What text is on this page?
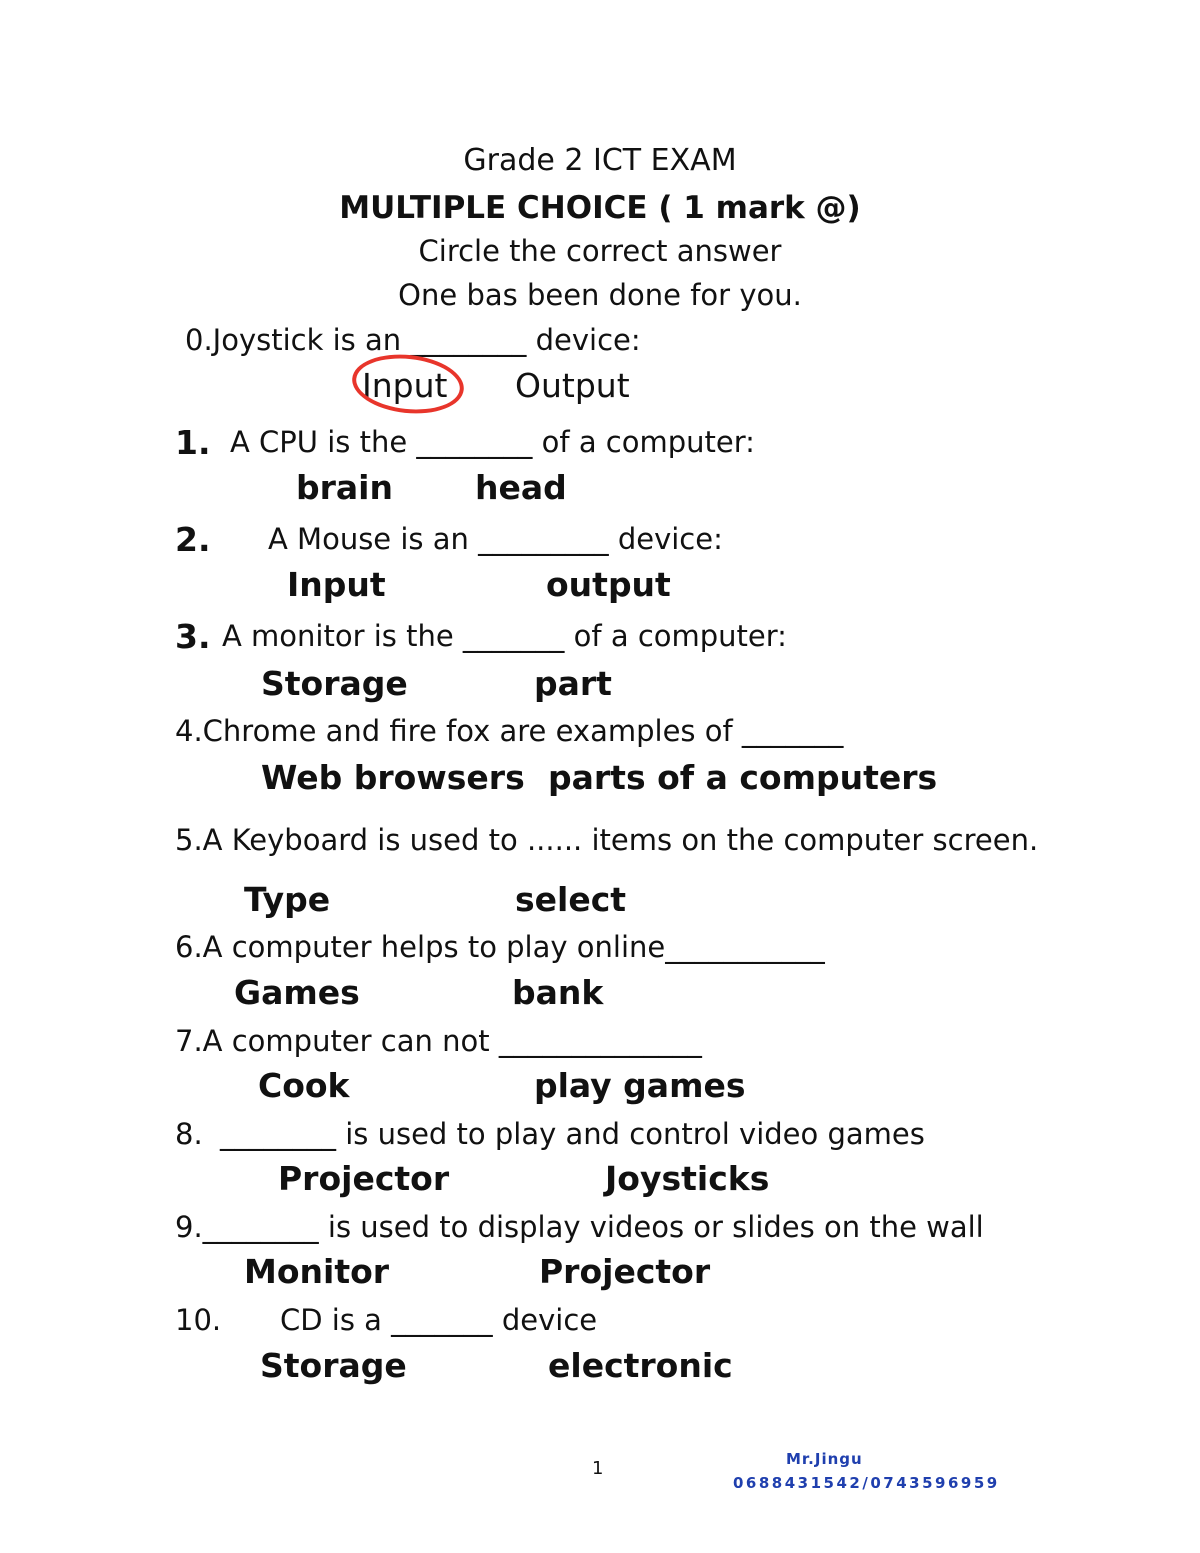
Grade 2 ICT EXAM
MULTIPLE CHOICE ( 1 mark @)
Circle the correct answer
One bas been done for you.
0.Joystick is an ________ device:
Input Output
1. A CPU is the ________ of a computer:
brain head
2. A Mouse is an _________ device:
Input	output
3. A monitor is the _______ of a computer:
Storage	part
4.Chrome and fire fox are examples of _______
Web browsers parts of a computers
5.A Keyboard is used to ...... items on the computer screen.
Type	select
6.A computer helps to play online___________
Games	bank
7.A computer can not ______________
Cook	play games
8. ________ is used to play and control video games
Projector	Joysticks
9.________ is used to display videos or slides on the wall
Monitor	Projector
10. CD is a _______ device
Storage	electronic
1	Mr.Jingu
0688431542/0743596959
